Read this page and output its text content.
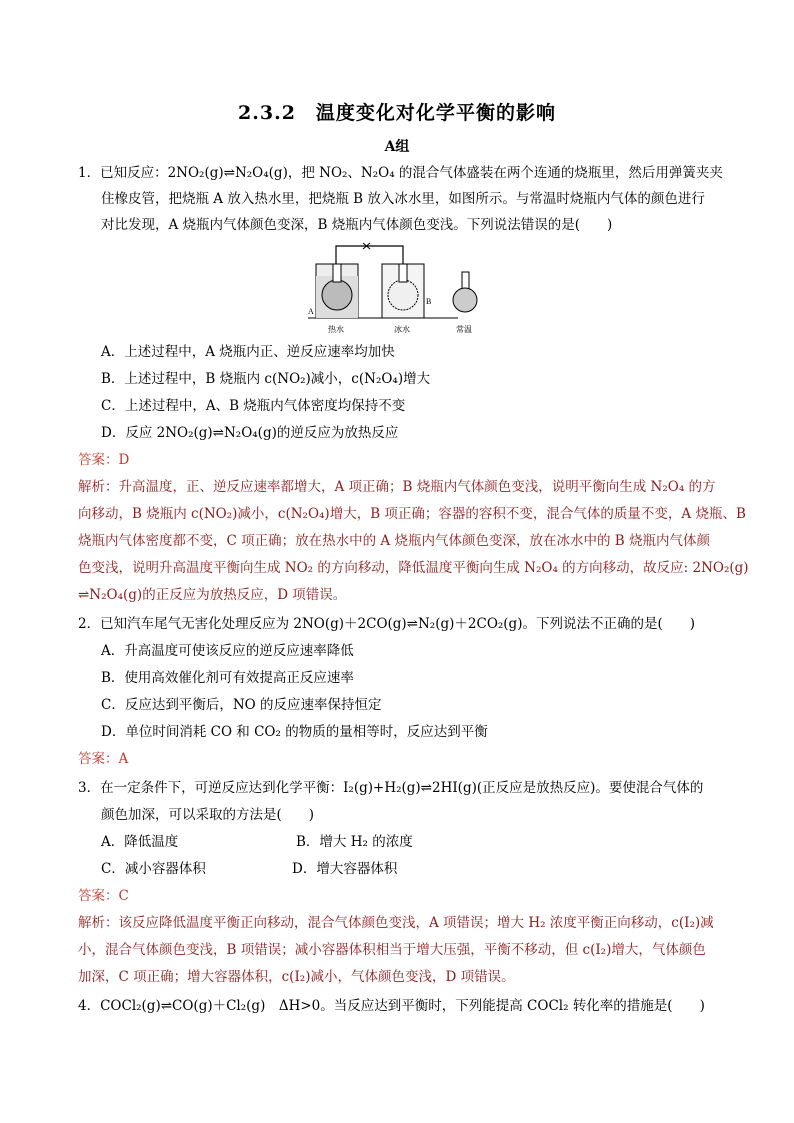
2.3.2　温度变化对化学平衡的影响
A组
1．已知反应：2NO₂(g)⇌N₂O₄(g)，把 NO₂、N₂O₄ 的混合气体盛装在两个连通的烧瓶里，然后用弹簧夹夹
住橡皮管，把烧瓶 A 放入热水里，把烧瓶 B 放入冰水里，如图所示。与常温时烧瓶内气体的颜色进行
对比发现，A 烧瓶内气体颜色变深，B 烧瓶内气体颜色变浅。下列说法错误的是(　　)
A
B
热水	冰水	常温
A．上述过程中，A 烧瓶内正、逆反应速率均加快
B．上述过程中，B 烧瓶内 c(NO₂)减小，c(N₂O₄)增大
C．上述过程中，A、B 烧瓶内气体密度均保持不变
D．反应 2NO₂(g)⇌N₂O₄(g)的逆反应为放热反应
答案：D
解析：升高温度，正、逆反应速率都增大，A 项正确；B 烧瓶内气体颜色变浅，说明平衡向生成 N₂O₄ 的方
向移动，B 烧瓶内 c(NO₂)减小，c(N₂O₄)增大，B 项正确；容器的容积不变，混合气体的质量不变，A 烧瓶、B
烧瓶内气体密度都不变，C 项正确；放在热水中的 A 烧瓶内气体颜色变深，放在冰水中的 B 烧瓶内气体颜
色变浅，说明升高温度平衡向生成 NO₂ 的方向移动，降低温度平衡向生成 N₂O₄ 的方向移动，故反应: 2NO₂(g)
⇌N₂O₄(g)的正反应为放热反应，D 项错误。
2．已知汽车尾气无害化处理反应为 2NO(g)＋2CO(g)⇌N₂(g)＋2CO₂(g)。下列说法不正确的是(　　)
A．升高温度可使该反应的逆反应速率降低
B．使用高效催化剂可有效提高正反应速率
C．反应达到平衡后，NO 的反应速率保持恒定
D．单位时间消耗 CO 和 CO₂ 的物质的量相等时，反应达到平衡
答案：A
3．在一定条件下，可逆反应达到化学平衡：I₂(g)+H₂(g)⇌2HI(g)(正反应是放热反应)。要使混合气体的
颜色加深，可以采取的方法是(　　)
A．降低温度	B．增大 H₂ 的浓度
C．减小容器体积	D．增大容器体积
答案：C
解析：该反应降低温度平衡正向移动，混合气体颜色变浅，A 项错误；增大 H₂ 浓度平衡正向移动，c(I₂)减
小，混合气体颜色变浅，B 项错误；减小容器体积相当于增大压强，平衡不移动，但 c(I₂)增大，气体颜色
加深，C 项正确；增大容器体积，c(I₂)减小，气体颜色变浅，D 项错误。
4．COCl₂(g)⇌CO(g)＋Cl₂(g)　ΔH>0。当反应达到平衡时，下列能提高 COCl₂ 转化率的措施是(　　)
